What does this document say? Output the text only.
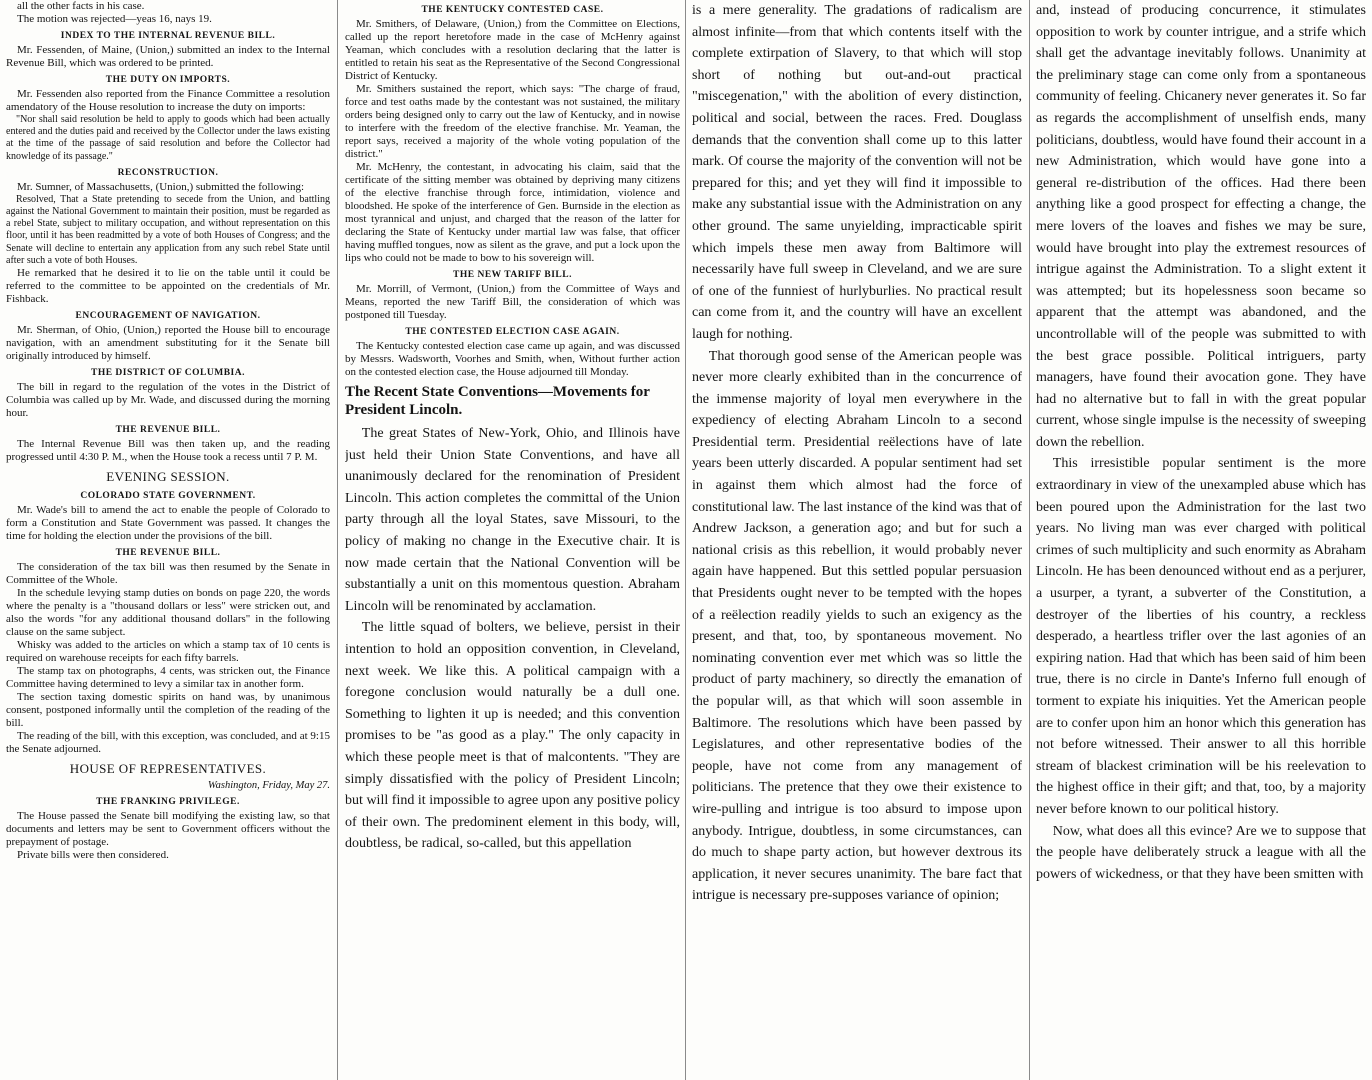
all the other facts in his case.

The motion was rejected—yeas 16, nays 19.

INDEX TO THE INTERNAL REVENUE BILL.

Mr. Fessenden, of Maine, (Union,) submitted an index to the Internal Revenue Bill, which was ordered to be printed.

THE DUTY ON IMPORTS.

Mr. Fessenden also reported from the Finance Committee a resolution amendatory of the House resolution to increase the duty on imports:

"Nor shall said resolution be held to apply to goods which had been actually entered and the duties paid and received by the Collector under the laws existing at the time of the passage of said resolution and before the Collector had knowledge of its passage."

RECONSTRUCTION.

Mr. Sumner, of Massachusetts, (Union,) submitted the following:

Resolved, That a State pretending to secede from the Union, and battling against the National Government to maintain their position, must be regarded as a rebel State, subject to military occupation, and without representation on this floor, until it has been readmitted by a vote of both Houses of Congress; and the Senate will decline to entertain any application from any such rebel State until after such a vote of both Houses.

He remarked that he desired it to lie on the table until it could be referred to the committee to be appointed on the credentials of Mr. Fishback.

ENCOURAGEMENT OF NAVIGATION.

Mr. Sherman, of Ohio, (Union,) reported the House bill to encourage navigation, with an amendment substituting for it the Senate bill originally introduced by himself.

THE DISTRICT OF COLUMBIA.

The bill in regard to the regulation of the votes in the District of Columbia was called up by Mr. Wade, and discussed during the morning hour.

THE REVENUE BILL.

The Internal Revenue Bill was then taken up, and the reading progressed until 4:30 P. M., when the House took a recess until 7 P. M.

EVENING SESSION.
COLORADO STATE GOVERNMENT.

Mr. Wade's bill to amend the act to enable the people of Colorado to form a Constitution and State Government was passed. It changes the time for holding the election under the provisions of the bill.

THE REVENUE BILL.

The consideration of the tax bill was then resumed by the Senate in Committee of the Whole.

In the schedule levying stamp duties on bonds on page 220, the words where the penalty is a "thousand dollars or less" were stricken out, and also the words "for any additional thousand dollars" in the following clause on the same subject.

Whisky was added to the articles on which a stamp tax of 10 cents is required on warehouse receipts for each fifty barrels.

The stamp tax on photographs, 4 cents, was stricken out, the Finance Committee having determined to levy a similar tax in another form.

The section taxing domestic spirits on hand was, by unanimous consent, postponed informally until the completion of the reading of the bill.

The reading of the bill, with this exception, was concluded, and at 9:15 the Senate adjourned.

HOUSE OF REPRESENTATIVES.

Washington, Friday, May 27.

THE FRANKING PRIVILEGE.

The House passed the Senate bill modifying the existing law, so that documents and letters may be sent to Government officers without the prepayment of postage.

Private bills were then considered.

THE KENTUCKY CONTESTED CASE.

Mr. Smithers, of Delaware, (Union,) from the Committee on Elections, called up the report heretofore made in the case of McHenry against Yeaman, which concludes with a resolution declaring that the latter is entitled to retain his seat as the Representative of the Second Congressional District of Kentucky.

Mr. Smithers sustained the report, which says: "The charge of fraud, force and test oaths made by the contestant was not sustained, the military orders being designed only to carry out the law of Kentucky, and in nowise to interfere with the freedom of the elective franchise. Mr. Yeaman, the report says, received a majority of the whole voting population of the district."

Mr. McHenry, the contestant, in advocating his claim, said that the certificate of the sitting member was obtained by depriving many citizens of the elective franchise through force, intimidation, violence and bloodshed. He spoke of the interference of Gen. Burnside in the election as most tyrannical and unjust, and charged that the reason of the latter for declaring the State of Kentucky under martial law was false, that officer having muffled tongues, now as silent as the grave, and put a lock upon the lips who could not be made to bow to his sovereign will.

THE NEW TARIFF BILL.

Mr. Morrill, of Vermont, (Union,) from the Committee of Ways and Means, reported the new Tariff Bill, the consideration of which was postponed till Tuesday.

THE CONTESTED ELECTION CASE AGAIN.

The Kentucky contested election case came up again, and was discussed by Messrs. Wadsworth, Voorhes and Smith, when, Without further action on the contested election case, the House adjourned till Monday.

The Recent State Conventions—Movements for President Lincoln.

The great States of New-York, Ohio, and Illinois have just held their Union State Conventions, and have all unanimously declared for the renomination of President Lincoln. This action completes the committal of the Union party through all the loyal States, save Missouri, to the policy of making no change in the Executive chair. It is now made certain that the National Convention will be substantially a unit on this momentous question. Abraham Lincoln will be renominated by acclamation.

The little squad of bolters, we believe, persist in their intention to hold an opposition convention, in Cleveland, next week. We like this. A political campaign with a foregone conclusion would naturally be a dull one. Something to lighten it up is needed; and this convention promises to be "as good as a play." The only capacity in which these people meet is that of malcontents. "They are simply dissatisfied with the policy of President Lincoln; but will find it impossible to agree upon any positive policy of their own. The predominent element in this body, will, doubtless, be radical, so-called, but this appellation

is a mere generality. The gradations of radicalism are almost infinite—from that which contents itself with the complete extirpation of Slavery, to that which will stop short of nothing but out-and-out practical "miscegenation," with the abolition of every distinction, political and social, between the races. Fred. Douglass demands that the convention shall come up to this latter mark. Of course the majority of the convention will not be prepared for this; and yet they will find it impossible to make any substantial issue with the Administration on any other ground. The same unyielding, impracticable spirit which impels these men away from Baltimore will necessarily have full sweep in Cleveland, and we are sure of one of the funniest of hurlyburlies. No practical result can come from it, and the country will have an excellent laugh for nothing.

That thorough good sense of the American people was never more clearly exhibited than in the concurrence of the immense majority of loyal men everywhere in the expediency of electing Abraham Lincoln to a second Presidential term. Presidential reëlections have of late years been utterly discarded. A popular sentiment had set in against them which almost had the force of constitutional law. The last instance of the kind was that of Andrew Jackson, a generation ago; and but for such a national crisis as this rebellion, it would probably never again have happened. But this settled popular persuasion that Presidents ought never to be tempted with the hopes of a reëlection readily yields to such an exigency as the present, and that, too, by spontaneous movement. No nominating convention ever met which was so little the product of party machinery, so directly the emanation of the popular will, as that which will soon assemble in Baltimore. The resolutions which have been passed by Legislatures, and other representative bodies of the people, have not come from any management of politicians. The pretence that they owe their existence to wire-pulling and intrigue is too absurd to impose upon anybody. Intrigue, doubtless, in some circumstances, can do much to shape party action, but however dextrous its application, it never secures unanimity. The bare fact that intrigue is necessary pre-supposes variance of opinion;

and, instead of producing concurrence, it stimulates opposition to work by counter intrigue, and a strife which shall get the advantage inevitably follows. Unanimity at the preliminary stage can come only from a spontaneous community of feeling. Chicanery never generates it. So far as regards the accomplishment of unselfish ends, many politicians, doubtless, would have found their account in a new Administration, which would have gone into a general re-distribution of the offices. Had there been anything like a good prospect for effecting a change, the mere lovers of the loaves and fishes we may be sure, would have brought into play the extremest resources of intrigue against the Administration. To a slight extent it was attempted; but its hopelessness soon became so apparent that the attempt was abandoned, and the uncontrollable will of the people was submitted to with the best grace possible. Political intriguers, party managers, have found their avocation gone. They have had no alternative but to fall in with the great popular current, whose single impulse is the necessity of sweeping down the rebellion.

This irresistible popular sentiment is the more extraordinary in view of the unexampled abuse which has been poured upon the Administration for the last two years. No living man was ever charged with political crimes of such multiplicity and such enormity as Abraham Lincoln. He has been denounced without end as a perjurer, a usurper, a tyrant, a subverter of the Constitution, a destroyer of the liberties of his country, a reckless desperado, a heartless trifler over the last agonies of an expiring nation. Had that which has been said of him been true, there is no circle in Dante's Inferno full enough of torment to expiate his iniquities. Yet the American people are to confer upon him an honor which this generation has not before witnessed. Their answer to all this horrible stream of blackest crimination will be his reelevation to the highest office in their gift; and that, too, by a majority never before known to our political history.

Now, what does all this evince? Are we to suppose that the people have deliberately struck a league with all the powers of wickedness, or that they have been smitten with
